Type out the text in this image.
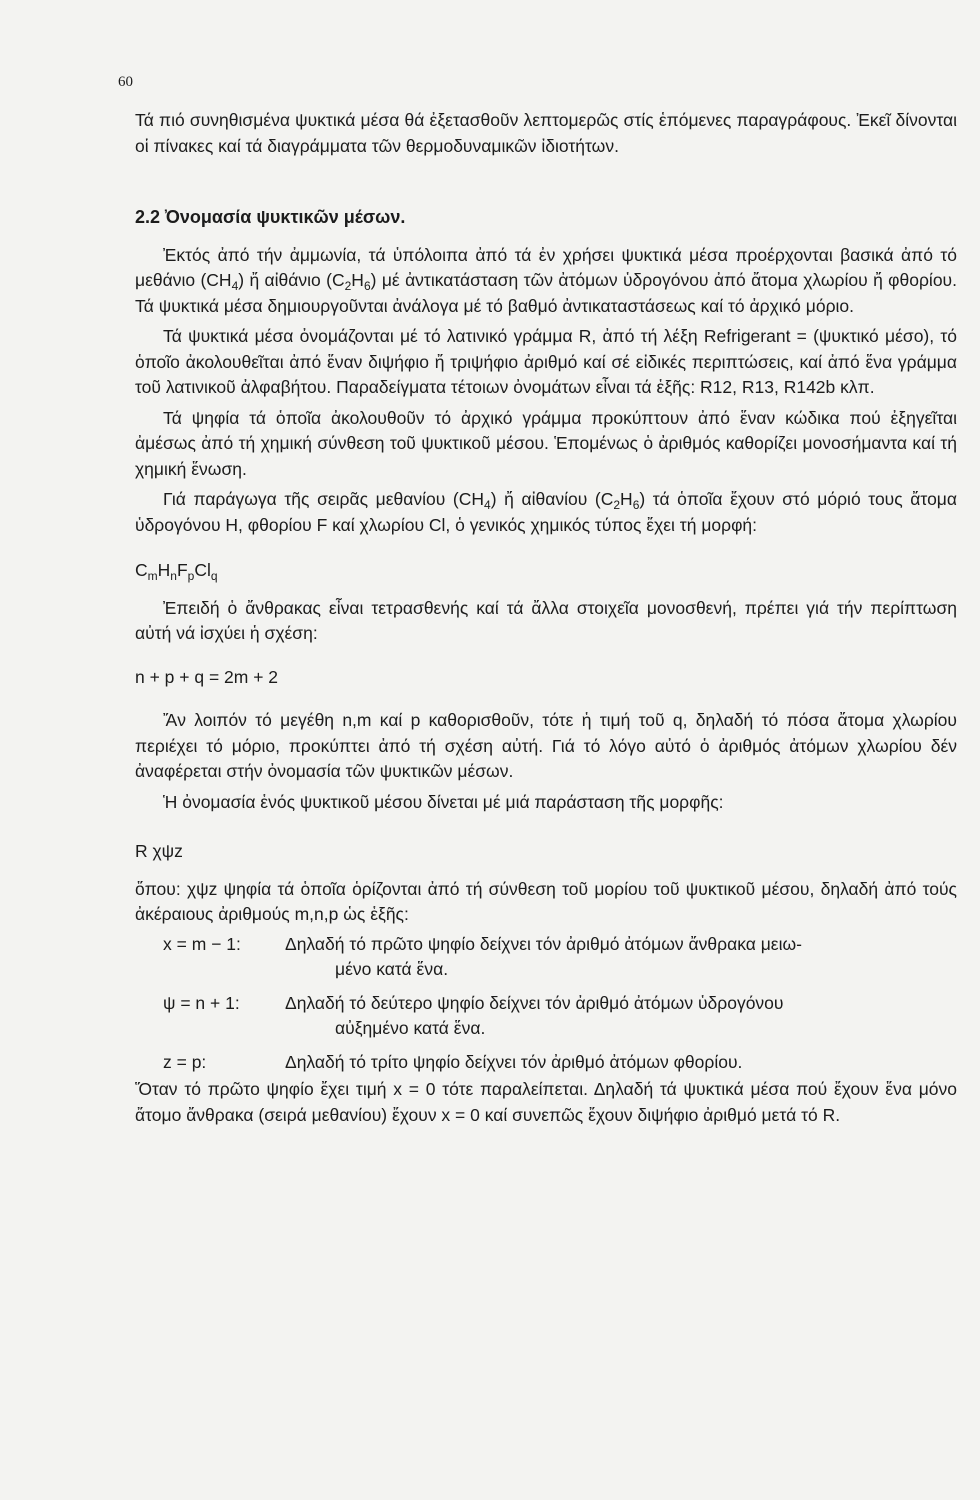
60

Τά πιό συνηθισμένα ψυκτικά μέσα θά ἐξετασθοῦν λεπτομερῶς στίς ἑπόμενες παραγράφους. Ἐκεῖ δίνονται οἱ πίνακες καί τά διαγράμματα τῶν θερμοδυναμικῶν ἰδιοτήτων.

2.2 Ὀνομασία ψυκτικῶν μέσων.

Ἐκτός ἀπό τήν ἀμμωνία, τά ὑπόλοιπα ἀπό τά ἐν χρήσει ψυκτικά μέσα προέρχονται βασικά ἀπό τό μεθάνιο $(CH_4)$ ἤ αἰθάνιο $(C_2H_6)$ μέ ἀντικατάσταση τῶν ἀτόμων ὑδρογόνου ἀπό ἄτομα χλωρίου ἤ φθορίου. Τά ψυκτικά μέσα δημιουργοῦνται ἀνάλογα μέ τό βαθμό ἀντικαταστάσεως καί τό ἀρχικό μόριο.

Τά ψυκτικά μέσα ὀνομάζονται μέ τό λατινικό γράμμα R, ἀπό τή λέξη Refrigerant = (ψυκτικό μέσο), τό ὁποῖο ἀκολουθεῖται ἀπό ἕναν διψήφιο ἤ τριψήφιο ἀριθμό καί σέ εἰδικές περιπτώσεις, καί ἀπό ἕνα γράμμα τοῦ λατινικοῦ ἀλφαβήτου. Παραδείγματα τέτοιων ὀνομάτων εἶναι τά ἑξῆς: R12, R13, R142b κλπ.

Τά ψηφία τά ὁποῖα ἀκολουθοῦν τό ἀρχικό γράμμα προκύπτουν ἀπό ἕναν κώδικα πού ἐξηγεῖται ἀμέσως ἀπό τή χημική σύνθεση τοῦ ψυκτικοῦ μέσου. Ἑπομένως ὁ ἀριθμός καθορίζει μονοσήμαντα καί τή χημική ἕνωση.

Γιά παράγωγα τῆς σειρᾶς μεθανίου $(CH_4)$ ἤ αἰθανίου $(C_2H_6)$ τά ὁποῖα ἔχουν στό μόριό τους ἄτομα ὑδρογόνου H, φθορίου F καί χλωρίου Cl, ὁ γενικός χημικός τύπος ἔχει τή μορφή:

$C_mH_nF_pCl_q$

Ἐπειδή ὁ ἄνθρακας εἶναι τετρασθενής καί τά ἄλλα στοιχεῖα μονοσθενή, πρέπει γιά τήν περίπτωση αὐτή νά ἰσχύει ἡ σχέση:

n + p + q = 2m + 2

Ἄν λοιπόν τό μεγέθη n,m καί p καθορισθοῦν, τότε ἡ τιμή τοῦ q, δηλαδή τό πόσα ἄτομα χλωρίου περιέχει τό μόριο, προκύπτει ἀπό τή σχέση αὐτή. Γιά τό λόγο αὐτό ὁ ἀριθμός ἀτόμων χλωρίου δέν ἀναφέρεται στήν ὀνομασία τῶν ψυκτικῶν μέσων.

Ἡ ὀνομασία ἑνός ψυκτικοῦ μέσου δίνεται μέ μιά παράσταση τῆς μορφῆς:

R χψz

ὅπου: χψz ψηφία τά ὁποῖα ὁρίζονται ἀπό τή σύνθεση τοῦ μορίου τοῦ ψυκτικοῦ μέσου, δηλαδή ἀπό τούς ἀκέραιους ἀριθμούς m,n,p ὡς ἑξῆς:

x = m − 1:	Δηλαδή τό πρῶτο ψηφίο δείχνει τόν ἀριθμό ἀτόμων ἄνθρακα μειω-
μένο κατά ἕνα.
ψ = n + 1:	Δηλαδή τό δεύτερο ψηφίο δείχνει τόν ἀριθμό ἀτόμων ὑδρογόνου
αὐξημένο κατά ἕνα.
z = p:	Δηλαδή τό τρίτο ψηφίο δείχνει τόν ἀριθμό ἀτόμων φθορίου.

Ὅταν τό πρῶτο ψηφίο ἔχει τιμή x = 0 τότε παραλείπεται. Δηλαδή τά ψυκτικά μέσα πού ἔχουν ἕνα μόνο ἄτομο ἄνθρακα (σειρά μεθανίου) ἔχουν x = 0 καί συνεπῶς ἔχουν διψήφιο ἀριθμό μετά τό R.
